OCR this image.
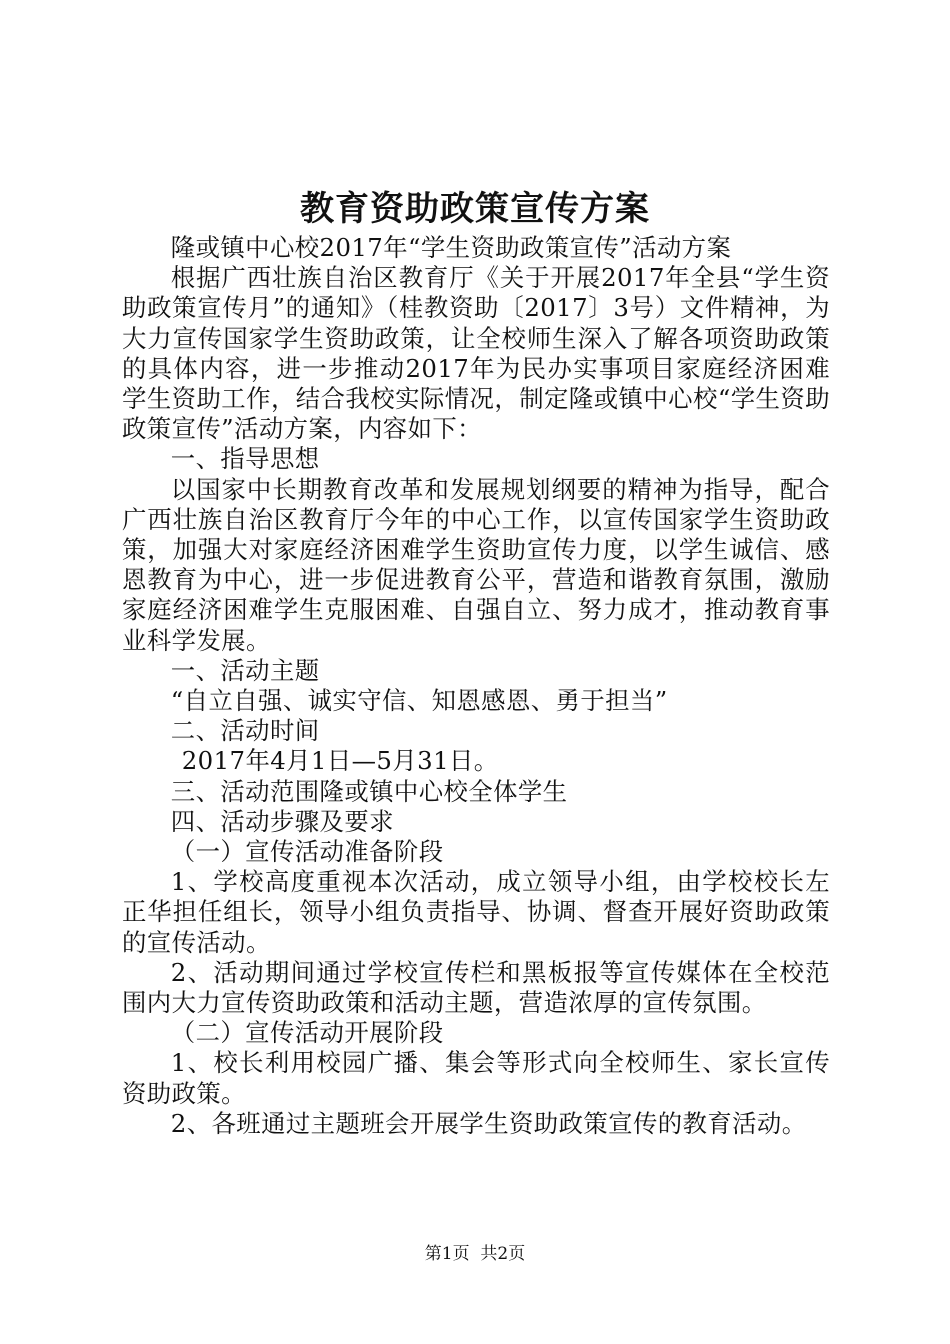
教育资助政策宣传方案

隆或镇中心校2017年“学生资助政策宣传”活动方案

根据广西壮族自治区教育厅《关于开展2017年全县“学生资助政策宣传月”的通知》（桂教资助〔2017〕3号）文件精神，为大力宣传国家学生资助政策，让全校师生深入了解各项资助政策的具体内容，进一步推动2017年为民办实事项目家庭经济困难学生资助工作，结合我校实际情况，制定隆或镇中心校“学生资助政策宣传”活动方案，内容如下：

一、指导思想

以国家中长期教育改革和发展规划纲要的精神为指导，配合广西壮族自治区教育厅今年的中心工作，以宣传国家学生资助政策，加强大对家庭经济困难学生资助宣传力度，以学生诚信、感恩教育为中心，进一步促进教育公平，营造和谐教育氛围，激励家庭经济困难学生克服困难、自强自立、努力成才，推动教育事业科学发展。

一、活动主题

“自立自强、诚实守信、知恩感恩、勇于担当”

二、活动时间

2017年4月1日—5月31日。

三、活动范围隆或镇中心校全体学生

四、活动步骤及要求

（一）宣传活动准备阶段

1、学校高度重视本次活动，成立领导小组，由学校校长左正华担任组长，领导小组负责指导、协调、督查开展好资助政策的宣传活动。

2、活动期间通过学校宣传栏和黑板报等宣传媒体在全校范围内大力宣传资助政策和活动主题，营造浓厚的宣传氛围。

（二）宣传活动开展阶段

1、校长利用校园广播、集会等形式向全校师生、家长宣传资助政策。

2、各班通过主题班会开展学生资助政策宣传的教育活动。

第1页 共2页
